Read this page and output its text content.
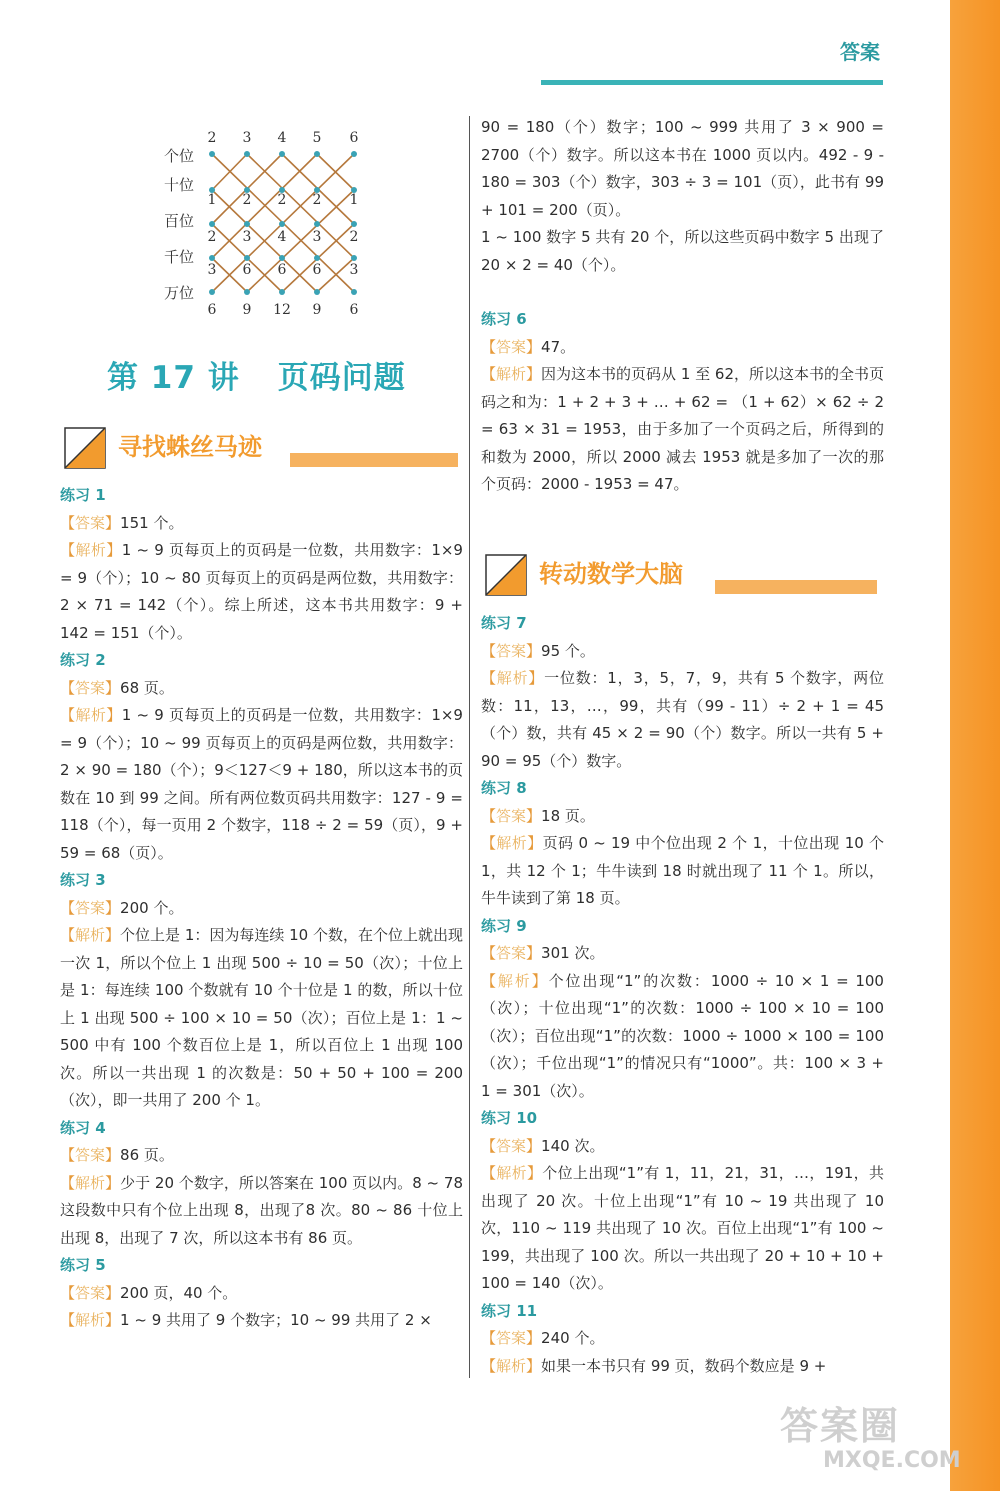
答案
2 3 4 5 6
1 2 2 2 1
2 3 4 3 2
3 6 6 6 3
6 9 12 9 6
个位
十位
百位
千位
万位
第 17 讲 页码问题
寻找蛛丝马迹

练习 1

【答案】151 个。

【解析】1 ~ 9 页每页上的页码是一位数，共用数字：1×9 = 9（个）；10 ~ 80 页每页上的页码是两位数，共用数字：2 × 71 = 142（个）。综上所述，这本书共用数字：9 + 142 = 151（个）。

练习 2

【答案】68 页。

【解析】1 ~ 9 页每页上的页码是一位数，共用数字：1×9 = 9（个）；10 ~ 99 页每页上的页码是两位数，共用数字：2 × 90 = 180（个）；9＜127＜9 + 180，所以这本书的页数在 10 到 99 之间。所有两位数页码共用数字：127 - 9 = 118（个），每一页用 2 个数字，118 ÷ 2 = 59（页），9 + 59 = 68（页）。

练习 3

【答案】200 个。

【解析】个位上是 1：因为每连续 10 个数，在个位上就出现一次 1，所以个位上 1 出现 500 ÷ 10 = 50（次）；十位上是 1：每连续 100 个数就有 10 个十位是 1 的数，所以十位上 1 出现 500 ÷ 100 × 10 = 50（次）；百位上是 1：1 ~ 500 中有 100 个数百位上是 1，所以百位上 1 出现 100 次。所以一共出现 1 的次数是：50 + 50 + 100 = 200（次），即一共用了 200 个 1。

练习 4

【答案】86 页。

【解析】少于 20 个数字，所以答案在 100 页以内。8 ~ 78 这段数中只有个位上出现 8，出现了8 次。80 ~ 86 十位上出现 8，出现了 7 次，所以这本书有 86 页。

练习 5

【答案】200 页，40 个。

【解析】1 ~ 9 共用了 9 个数字；10 ~ 99 共用了 2 ×

90 = 180（个）数字；100 ~ 999 共用了 3 × 900 = 2700（个）数字。所以这本书在 1000 页以内。492 - 9 - 180 = 303（个）数字，303 ÷ 3 = 101（页），此书有 99 + 101 = 200（页）。

1 ~ 100 数字 5 共有 20 个，所以这些页码中数字 5 出现了 20 × 2 = 40（个）。

练习 6

【答案】47。

【解析】因为这本书的页码从 1 至 62，所以这本书的全书页码之和为：1 + 2 + 3 + … + 62 = （1 + 62）× 62 ÷ 2 = 63 × 31 = 1953，由于多加了一个页码之后，所得到的和数为 2000，所以 2000 减去 1953 就是多加了一次的那个页码：2000 - 1953 = 47。

转动数学大脑

练习 7

【答案】95 个。

【解析】一位数：1，3，5，7，9，共有 5 个数字，两位数：11，13，…，99，共有（99 - 11）÷ 2 + 1 = 45（个）数，共有 45 × 2 = 90（个）数字。所以一共有 5 + 90 = 95（个）数字。

练习 8

【答案】18 页。

【解析】页码 0 ~ 19 中个位出现 2 个 1，十位出现 10 个 1，共 12 个 1；牛牛读到 18 时就出现了 11 个 1。所以，牛牛读到了第 18 页。

练习 9

【答案】301 次。

【解析】个位出现“1”的次数：1000 ÷ 10 × 1 = 100（次）；十位出现“1”的次数：1000 ÷ 100 × 10 = 100（次）；百位出现“1”的次数：1000 ÷ 1000 × 100 = 100（次）；千位出现“1”的情况只有“1000”。共：100 × 3 + 1 = 301（次）。

练习 10

【答案】140 次。

【解析】个位上出现“1”有 1，11，21，31，…，191，共出现了 20 次。十位上出现“1”有 10 ~ 19 共出现了 10 次，110 ~ 119 共出现了 10 次。百位上出现“1”有 100 ~ 199，共出现了 100 次。所以一共出现了 20 + 10 + 10 + 100 = 140（次）。

练习 11

【答案】240 个。

【解析】如果一本书只有 99 页，数码个数应是 9 +

答案圈
MXQE.COM
